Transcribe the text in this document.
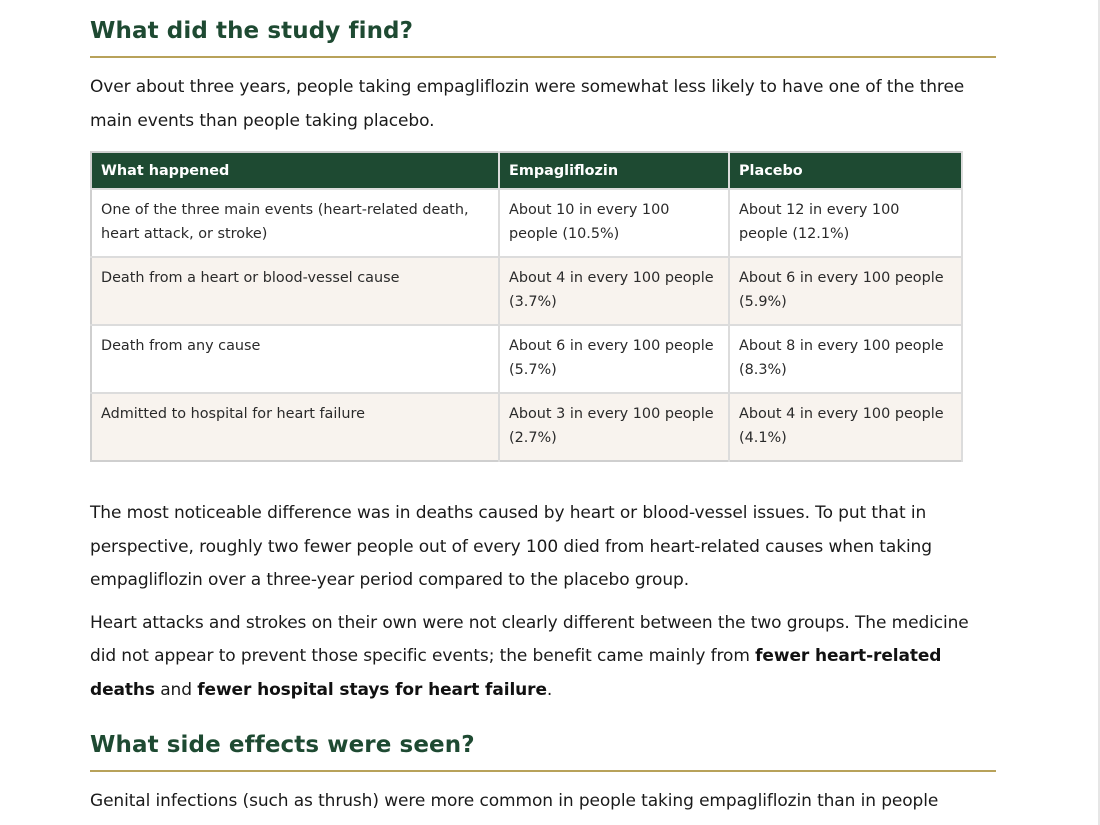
What did the study find?

Over about three years, people taking empagliflozin were somewhat less likely to have one of the three main events than people taking placebo.

What happened	Empagliflozin	Placebo
One of the three main events (heart-related death, heart attack, or stroke)	About 10 in every 100 people (10.5%)	About 12 in every 100 people (12.1%)
Death from a heart or blood-vessel cause	About 4 in every 100 people (3.7%)	About 6 in every 100 people (5.9%)
Death from any cause	About 6 in every 100 people (5.7%)	About 8 in every 100 people (8.3%)
Admitted to hospital for heart failure	About 3 in every 100 people (2.7%)	About 4 in every 100 people (4.1%)

The most noticeable difference was in deaths caused by heart or blood-vessel issues. To put that in perspective, roughly two fewer people out of every 100 died from heart-related causes when taking empagliflozin over a three-year period compared to the placebo group.

Heart attacks and strokes on their own were not clearly different between the two groups. The medicine did not appear to prevent those specific events; the benefit came mainly from fewer heart-related deaths and fewer hospital stays for heart failure.

What side effects were seen?

Genital infections (such as thrush) were more common in people taking empagliflozin than in people
